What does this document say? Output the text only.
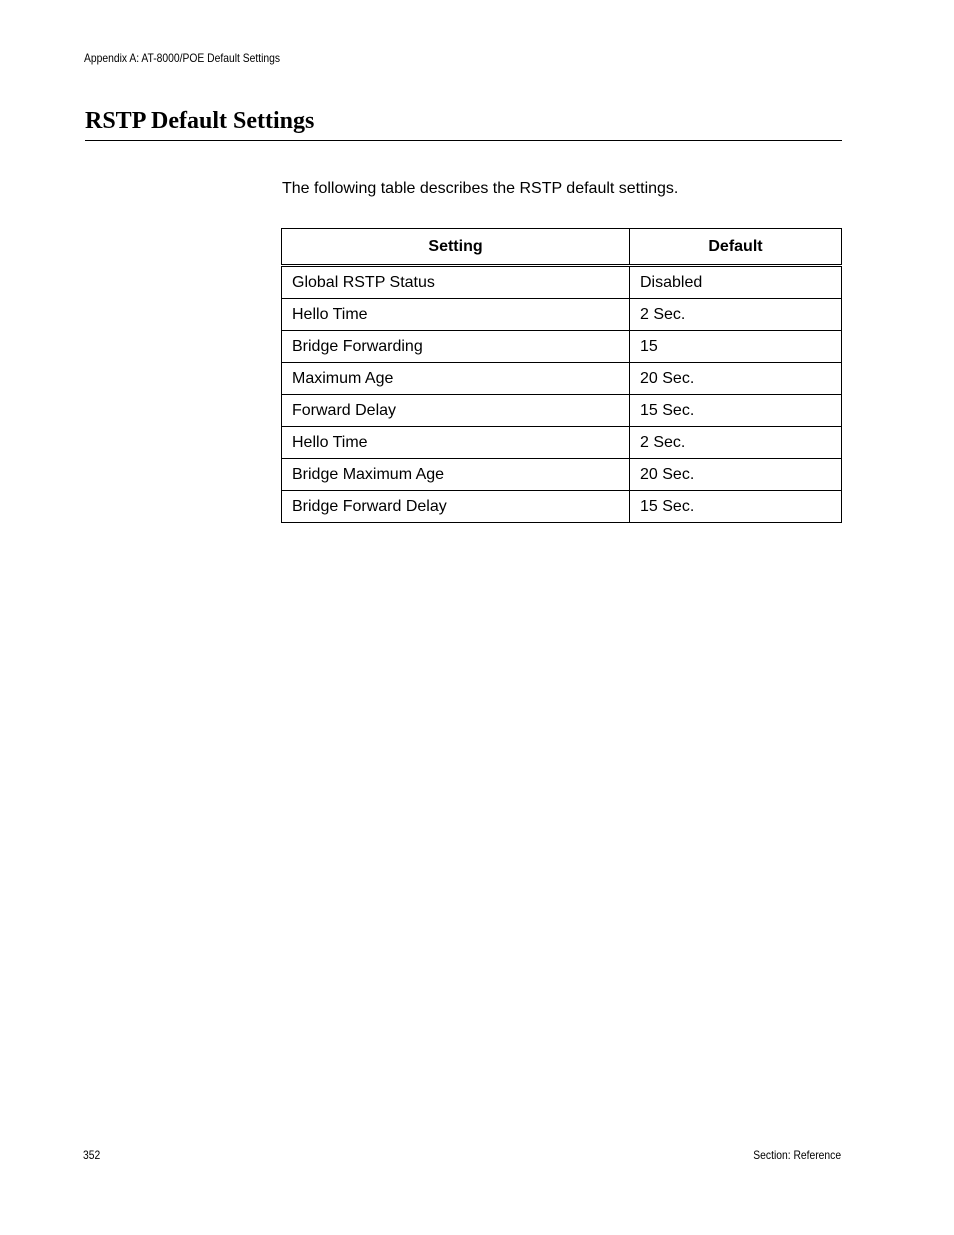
Appendix A: AT-8000/POE Default Settings
RSTP Default Settings

The following table describes the RSTP default settings.

Setting	Default
Global RSTP Status	Disabled
Hello Time	2 Sec.
Bridge Forwarding	15
Maximum Age	20 Sec.
Forward Delay	15 Sec.
Hello Time	2 Sec.
Bridge Maximum Age	20 Sec.
Bridge Forward Delay	15 Sec.
352	Section: Reference
